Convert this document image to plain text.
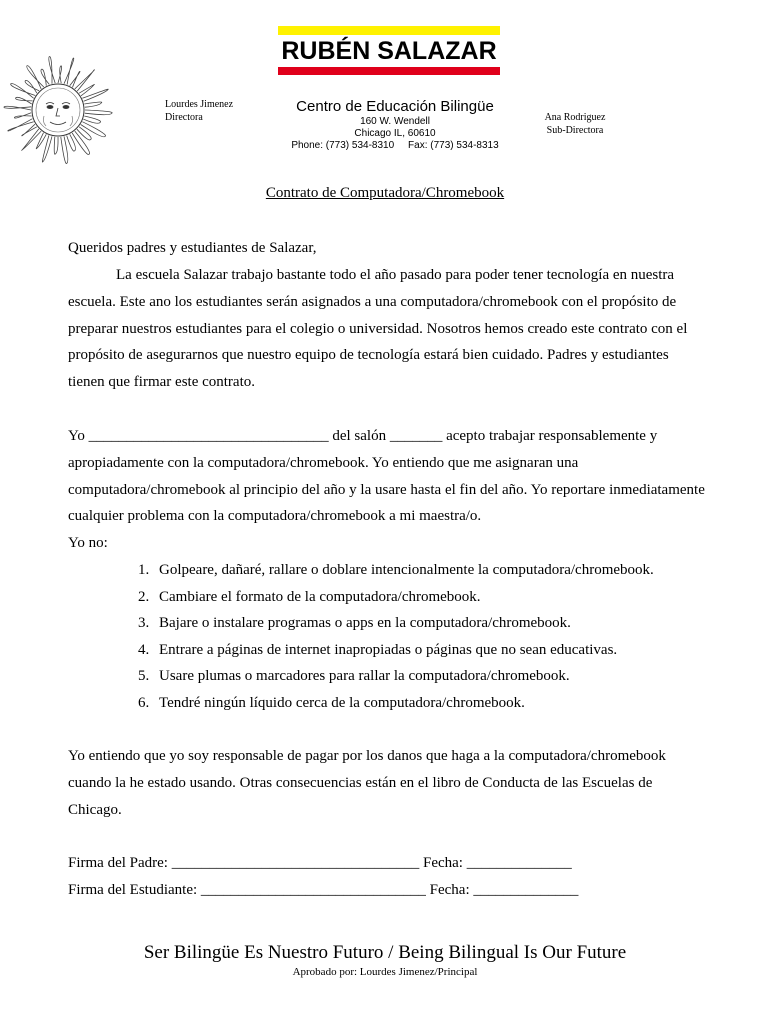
RUBÉN SALAZAR
Lourdes Jimenez
Directora
Centro de Educación Bilingüe
160 W. Wendell
Chicago IL, 60610
Phone: (773) 534-8310     Fax: (773) 534-8313
Ana Rodriguez
Sub-Directora
Contrato de Computadora/Chromebook
Queridos padres y estudiantes de Salazar,
La escuela Salazar trabajo bastante todo el año pasado para poder tener tecnología en nuestra escuela. Este ano los estudiantes serán asignados a una computadora/chromebook con el propósito de preparar nuestros estudiantes para el colegio o universidad. Nosotros hemos creado este contrato con el propósito de asegurarnos que nuestro equipo de tecnología estará bien cuidado. Padres y estudiantes tienen que firmar este contrato.
Yo ________________________________ del salón _______ acepto trabajar responsablemente y apropiadamente con la computadora/chromebook. Yo entiendo que me asignaran una computadora/chromebook al principio del año y la usare hasta el fin del año. Yo reportare inmediatamente cualquier problema con la computadora/chromebook a mi maestra/o.
Yo no:
1. Golpeare, dañaré, rallare o doblare intencionalmente la computadora/chromebook.
2. Cambiare el formato de la computadora/chromebook.
3. Bajare o instalare programas o apps en la computadora/chromebook.
4. Entrare a páginas de internet inapropiadas o páginas que no sean educativas.
5. Usare plumas o marcadores para rallar la computadora/chromebook.
6. Tendré ningún líquido cerca de la computadora/chromebook.
Yo entiendo que yo soy responsable de pagar por los danos que haga a la computadora/chromebook cuando la he estado usando. Otras consecuencias están en el libro de Conducta de las Escuelas de Chicago.
Firma del Padre: _________________________________ Fecha: ______________
Firma del Estudiante: ______________________________ Fecha: ______________
Ser Bilingüe Es Nuestro Futuro / Being Bilingual Is Our Future
Aprobado por: Lourdes Jimenez/Principal
